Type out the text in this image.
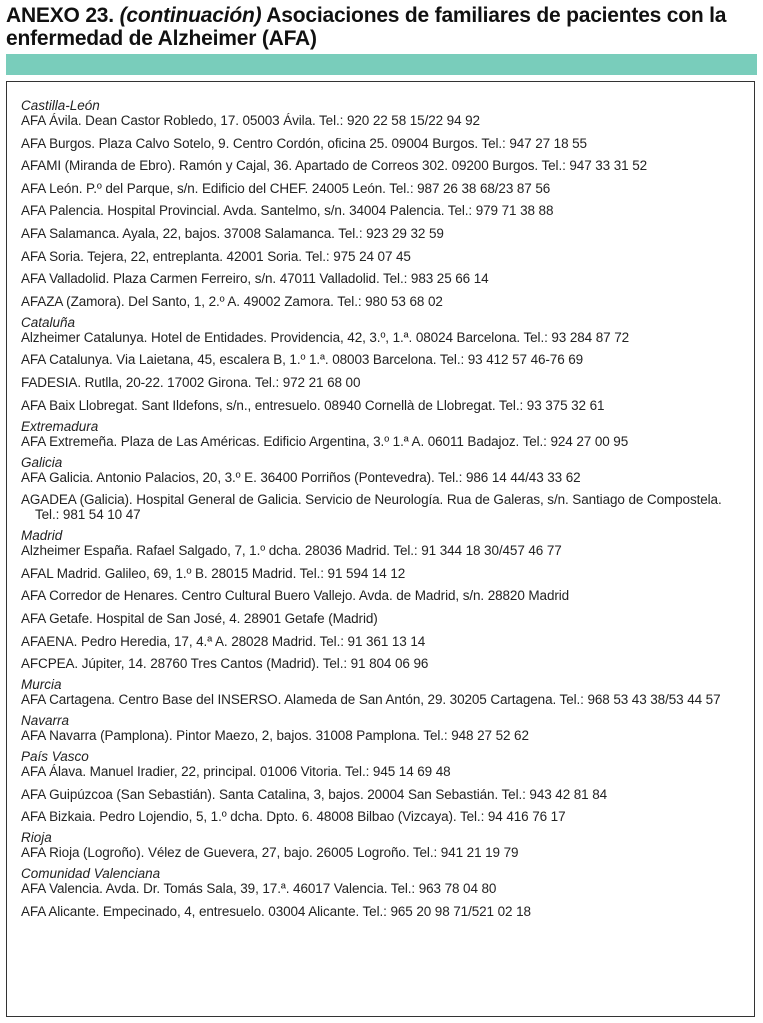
ANEXO 23. (continuación) Asociaciones de familiares de pacientes con la enfermedad de Alzheimer (AFA)
Castilla-León
AFA Ávila. Dean Castor Robledo, 17. 05003 Ávila. Tel.: 920 22 58 15/22 94 92
AFA Burgos. Plaza Calvo Sotelo, 9. Centro Cordón, oficina 25. 09004 Burgos. Tel.: 947 27 18 55
AFAMI (Miranda de Ebro). Ramón y Cajal, 36. Apartado de Correos 302. 09200 Burgos. Tel.: 947 33 31 52
AFA León. P.º del Parque, s/n. Edificio del CHEF. 24005 León. Tel.: 987 26 38 68/23 87 56
AFA Palencia. Hospital Provincial. Avda. Santelmo, s/n. 34004 Palencia. Tel.: 979 71 38 88
AFA Salamanca. Ayala, 22, bajos. 37008 Salamanca. Tel.: 923 29 32 59
AFA Soria. Tejera, 22, entreplanta. 42001 Soria. Tel.: 975 24 07 45
AFA Valladolid. Plaza Carmen Ferreiro, s/n. 47011 Valladolid. Tel.: 983 25 66 14
AFAZA (Zamora). Del Santo, 1, 2.º A. 49002 Zamora. Tel.: 980 53 68 02
Cataluña
Alzheimer Catalunya. Hotel de Entidades. Providencia, 42, 3.º, 1.ª. 08024 Barcelona. Tel.: 93 284 87 72
AFA Catalunya. Via Laietana, 45, escalera B, 1.º 1.ª. 08003 Barcelona. Tel.: 93 412 57 46-76 69
FADESIA. Rutlla, 20-22. 17002 Girona. Tel.: 972 21 68 00
AFA Baix Llobregat. Sant Ildefons, s/n., entresuelo. 08940 Cornellà de Llobregat. Tel.: 93 375 32 61
Extremadura
AFA Extremeña. Plaza de Las Américas. Edificio Argentina, 3.º 1.ª A. 06011 Badajoz. Tel.: 924 27 00 95
Galicia
AFA Galicia. Antonio Palacios, 20, 3.º E. 36400 Porriños (Pontevedra). Tel.: 986 14 44/43 33 62
AGADEA (Galicia). Hospital General de Galicia. Servicio de Neurología. Rua de Galeras, s/n. Santiago de Compostela. Tel.: 981 54 10 47
Madrid
Alzheimer España. Rafael Salgado, 7, 1.º dcha. 28036 Madrid. Tel.: 91 344 18 30/457 46 77
AFAL Madrid. Galileo, 69, 1.º B. 28015 Madrid. Tel.: 91 594 14 12
AFA Corredor de Henares. Centro Cultural Buero Vallejo. Avda. de Madrid, s/n. 28820 Madrid
AFA Getafe. Hospital de San José, 4. 28901 Getafe (Madrid)
AFAENA. Pedro Heredia, 17, 4.ª A. 28028 Madrid. Tel.: 91 361 13 14
AFCPEA. Júpiter, 14. 28760 Tres Cantos (Madrid). Tel.: 91 804 06 96
Murcia
AFA Cartagena. Centro Base del INSERSO. Alameda de San Antón, 29. 30205 Cartagena. Tel.: 968 53 43 38/53 44 57
Navarra
AFA Navarra (Pamplona). Pintor Maezo, 2, bajos. 31008 Pamplona. Tel.: 948 27 52 62
País Vasco
AFA Álava. Manuel Iradier, 22, principal. 01006 Vitoria. Tel.: 945 14 69 48
AFA Guipúzcoa (San Sebastián). Santa Catalina, 3, bajos. 20004 San Sebastián. Tel.: 943 42 81 84
AFA Bizkaia. Pedro Lojendio, 5, 1.º dcha. Dpto. 6. 48008 Bilbao (Vizcaya). Tel.: 94 416 76 17
Rioja
AFA Rioja (Logroño). Vélez de Guevera, 27, bajo. 26005 Logroño. Tel.: 941 21 19 79
Comunidad Valenciana
AFA Valencia. Avda. Dr. Tomás Sala, 39, 17.ª. 46017 Valencia. Tel.: 963 78 04 80
AFA Alicante. Empecinado, 4, entresuelo. 03004 Alicante. Tel.: 965 20 98 71/521 02 18
